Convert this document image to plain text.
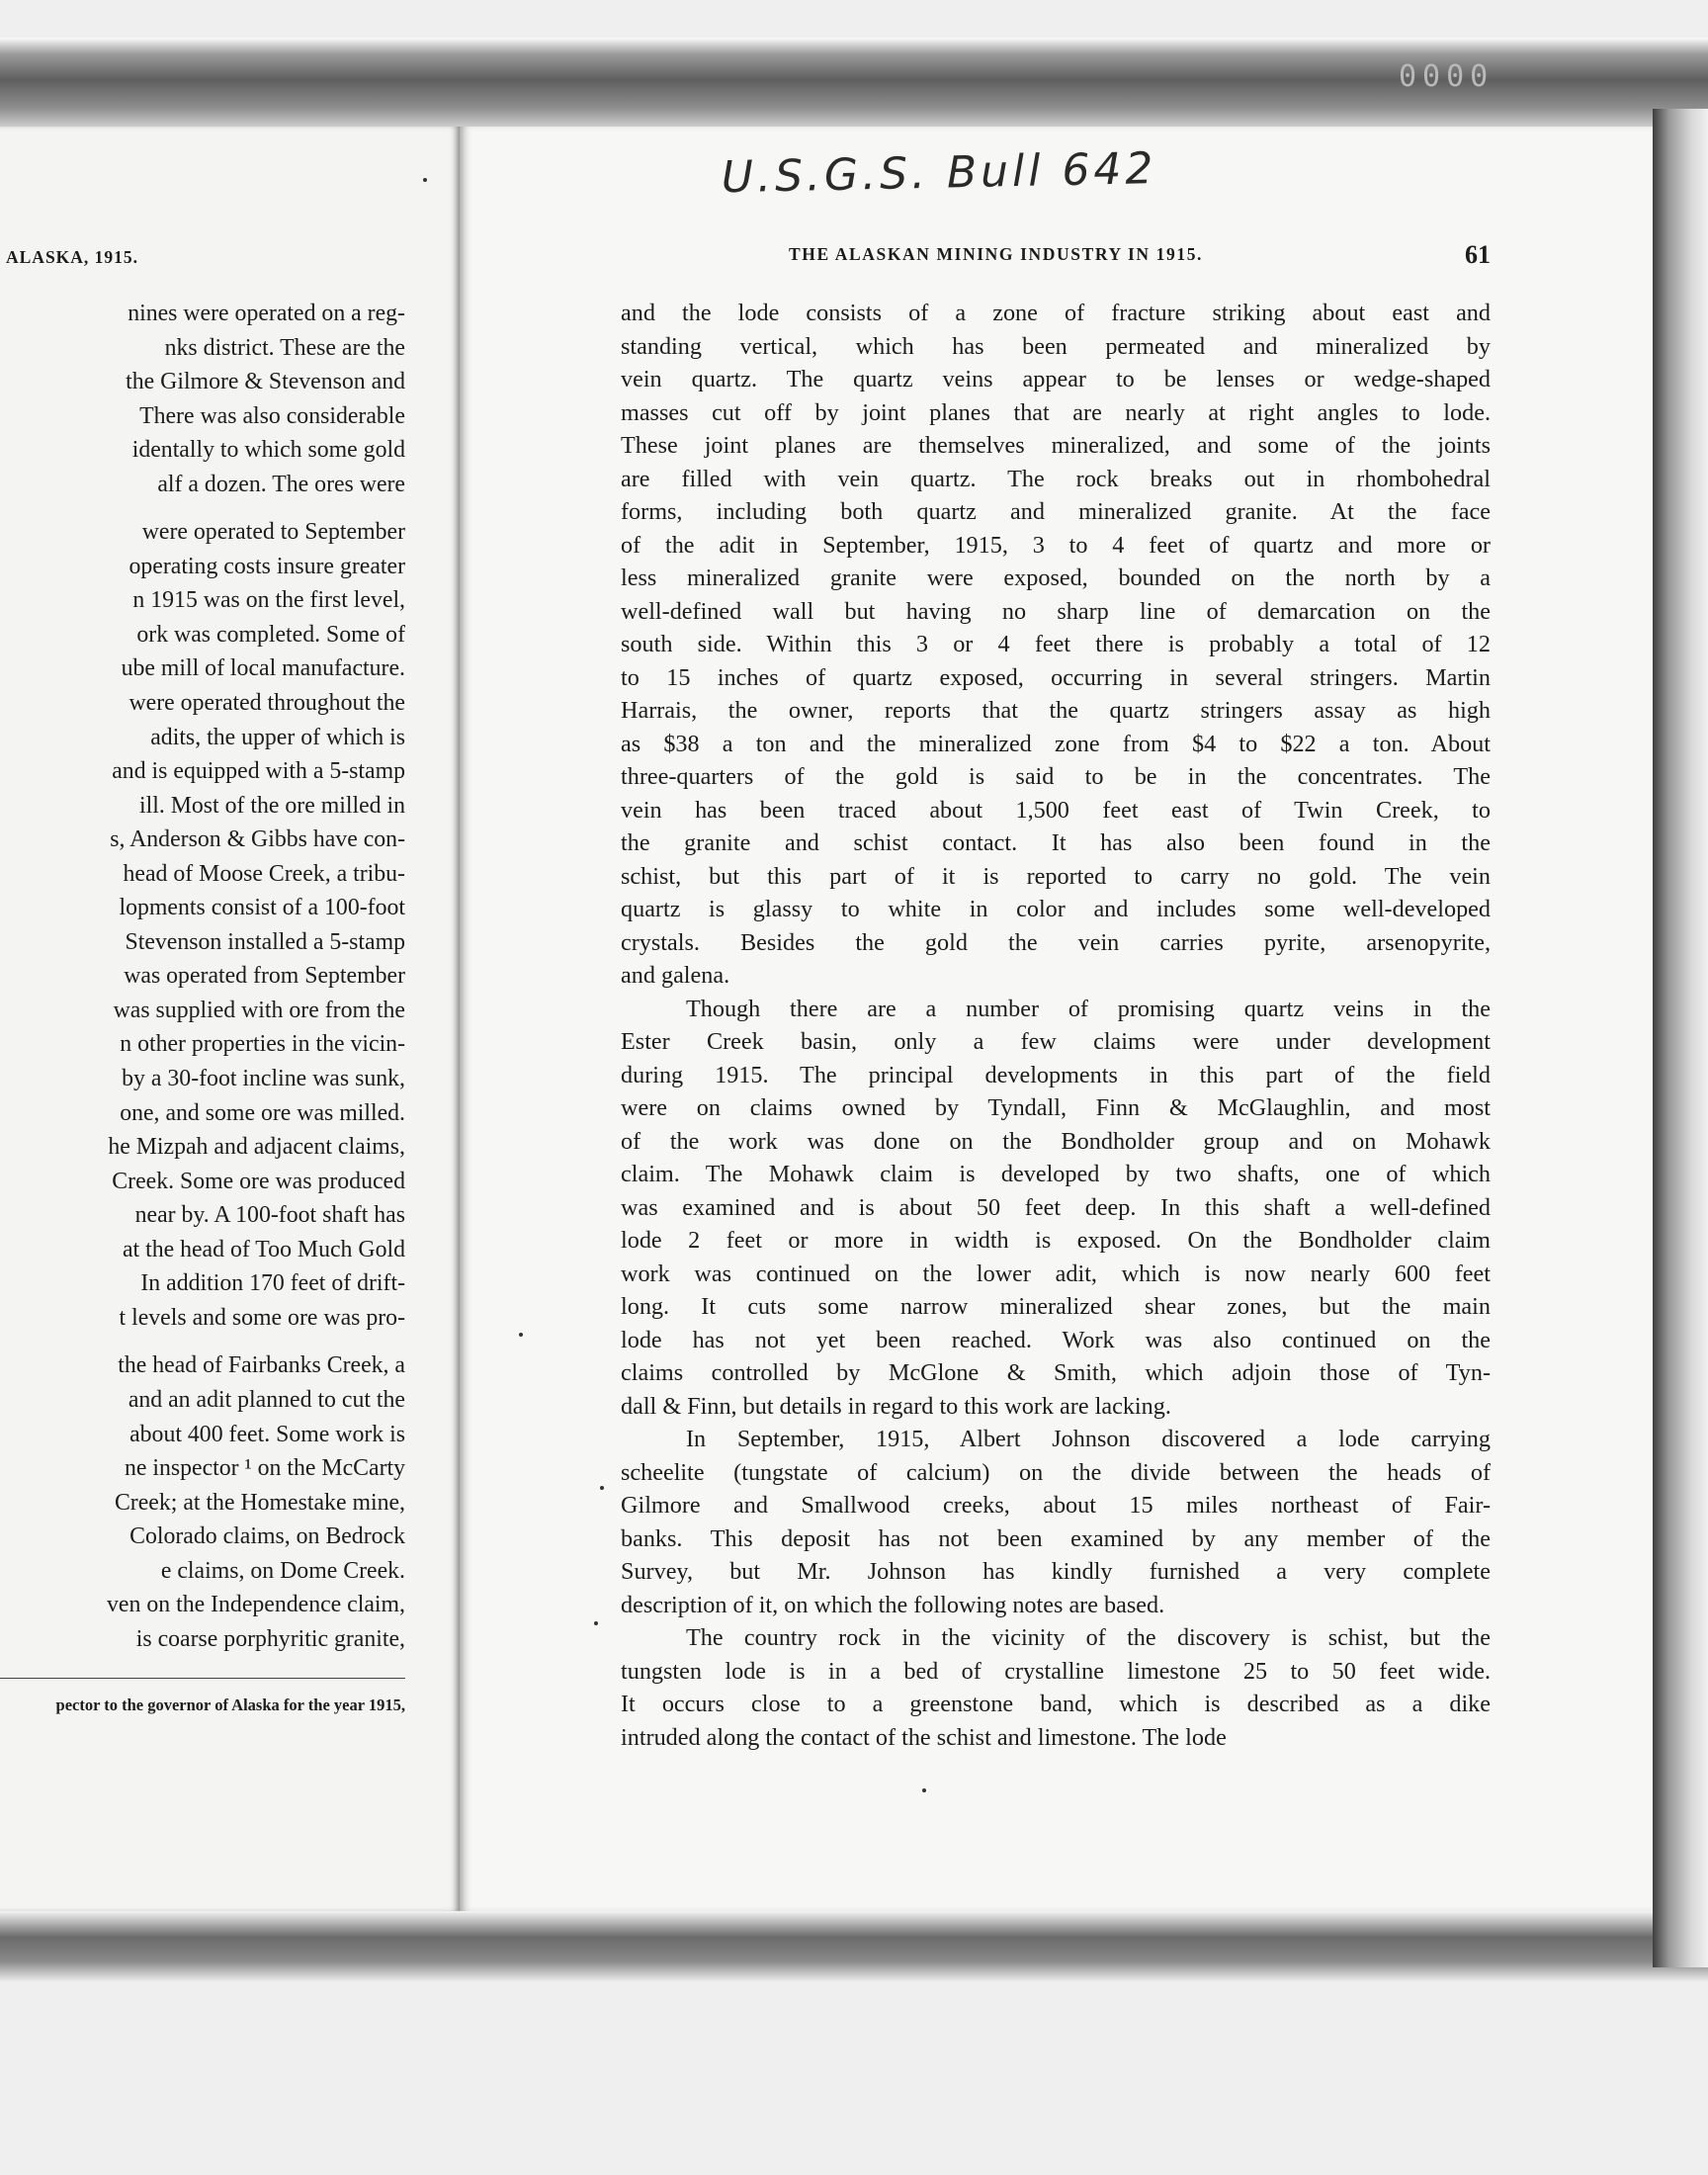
0000
U.S.G.S. Bull 642
ALASKA, 1915.
nines were operated on a reg-
nks district. These are the
the Gilmore & Stevenson and
There was also considerable
identally to which some gold
alf a dozen. The ores were
were operated to September
operating costs insure greater
n 1915 was on the first level,
ork was completed. Some of
ube mill of local manufacture.
were operated throughout the
adits, the upper of which is
and is equipped with a 5-stamp
ill. Most of the ore milled in
s, Anderson & Gibbs have con-
head of Moose Creek, a tribu-
lopments consist of a 100-foot
Stevenson installed a 5-stamp
was operated from September
was supplied with ore from the
n other properties in the vicin-
by a 30-foot incline was sunk,
one, and some ore was milled.
he Mizpah and adjacent claims,
Creek. Some ore was produced
near by. A 100-foot shaft has
at the head of Too Much Gold
In addition 170 feet of drift-
t levels and some ore was pro-
the head of Fairbanks Creek, a
and an adit planned to cut the
about 400 feet. Some work is
ne inspector ¹ on the McCarty
Creek; at the Homestake mine,
Colorado claims, on Bedrock
e claims, on Dome Creek.
ven on the Independence claim,
is coarse porphyritic granite,
pector to the governor of Alaska for the year 1915,
THE ALASKAN MINING INDUSTRY IN 1915.	61
and the lode consists of a zone of fracture striking about east and
standing vertical, which has been permeated and mineralized by
vein quartz. The quartz veins appear to be lenses or wedge-shaped
masses cut off by joint planes that are nearly at right angles to lode.
These joint planes are themselves mineralized, and some of the joints
are filled with vein quartz. The rock breaks out in rhombohedral
forms, including both quartz and mineralized granite. At the face
of the adit in September, 1915, 3 to 4 feet of quartz and more or
less mineralized granite were exposed, bounded on the north by a
well-defined wall but having no sharp line of demarcation on the
south side. Within this 3 or 4 feet there is probably a total of 12
to 15 inches of quartz exposed, occurring in several stringers. Martin
Harrais, the owner, reports that the quartz stringers assay as high
as $38 a ton and the mineralized zone from $4 to $22 a ton. About
three-quarters of the gold is said to be in the concentrates. The
vein has been traced about 1,500 feet east of Twin Creek, to
the granite and schist contact. It has also been found in the
schist, but this part of it is reported to carry no gold. The vein
quartz is glassy to white in color and includes some well-developed
crystals. Besides the gold the vein carries pyrite, arsenopyrite,
and galena.
Though there are a number of promising quartz veins in the
Ester Creek basin, only a few claims were under development
during 1915. The principal developments in this part of the field
were on claims owned by Tyndall, Finn & McGlaughlin, and most
of the work was done on the Bondholder group and on Mohawk
claim. The Mohawk claim is developed by two shafts, one of which
was examined and is about 50 feet deep. In this shaft a well-defined
lode 2 feet or more in width is exposed. On the Bondholder claim
work was continued on the lower adit, which is now nearly 600 feet
long. It cuts some narrow mineralized shear zones, but the main
lode has not yet been reached. Work was also continued on the
claims controlled by McGlone & Smith, which adjoin those of Tyn-
dall & Finn, but details in regard to this work are lacking.
In September, 1915, Albert Johnson discovered a lode carrying
scheelite (tungstate of calcium) on the divide between the heads of
Gilmore and Smallwood creeks, about 15 miles northeast of Fair-
banks. This deposit has not been examined by any member of the
Survey, but Mr. Johnson has kindly furnished a very complete
description of it, on which the following notes are based.
The country rock in the vicinity of the discovery is schist, but the
tungsten lode is in a bed of crystalline limestone 25 to 50 feet wide.
It occurs close to a greenstone band, which is described as a dike
intruded along the contact of the schist and limestone. The lode
